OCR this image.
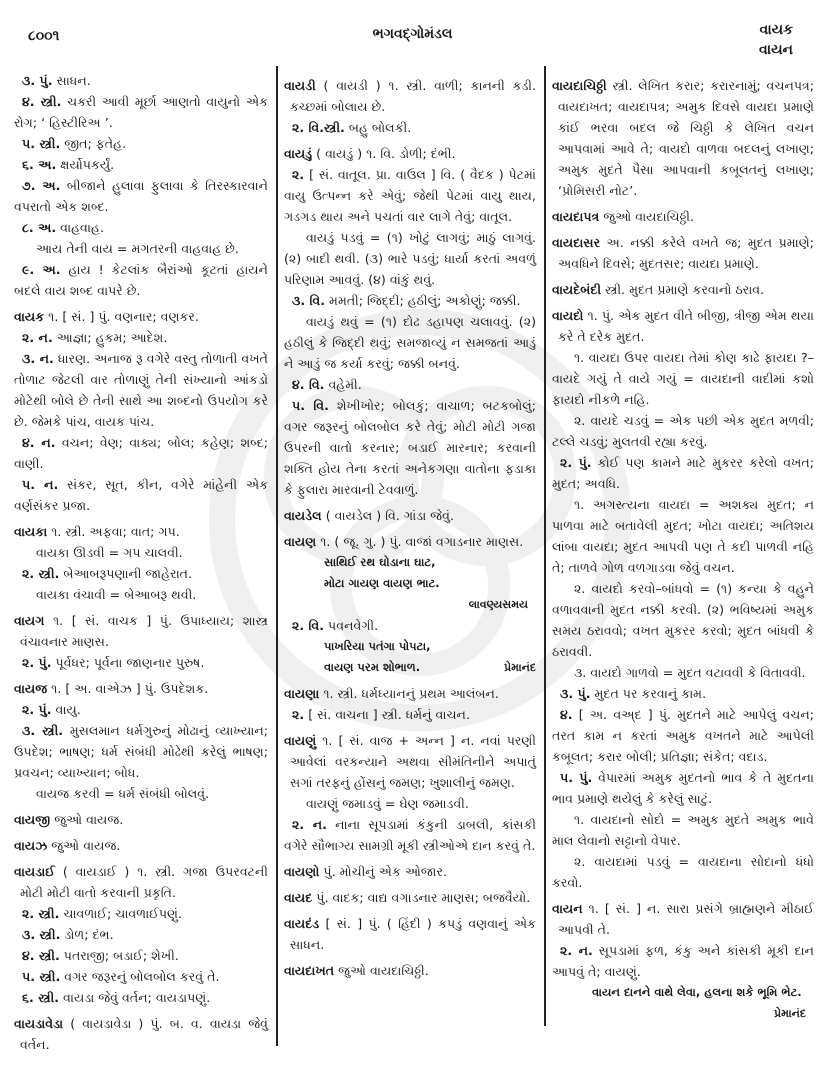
૮૦૦૧	ભગવદ્ગોમંડલ	વાયક
વાયન

૩. પું. સાધન.

૪. સ્ત્રી. ચકરી આવી મૂર્છા આણતો વાયુનો એક રોગ; ‘ હિસ્ટીરિઅ ’.

૫. સ્ત્રી. જીત; ફતેહ.

૬. અ. ક્ષર્યોપકર્યું.

૭. અ. બીજાને હુલાવા ફુલાવા કે તિરસ્કારવાને વપરાતો એક શબ્દ.

૮. અ. વાહવાહ.

આય તેની વાય = મગતરની વાહવાહ છે.

૯. અ. હાય ! કેટલાંક બૈરાંઓ કૂટતાં હાયને બદલે વાય શબ્દ વાપરે છે.

વાયક ૧. [ સં. ] પું. વણનાર; વણકર.

૨. ન. આજ્ઞા; હુકમ; આદેશ.

૩. ન. ધારણ. અનાજ રૂ વગેરે વસ્તુ તોળાતી વખતે તોળાટ જેટલી વાર તોળાણું તેની સંખ્યાનો આંકડો મોટેથી બોલે છે તેની સાથે આ શબ્દનો ઉપયોગ કરે છે. જેમકે પાંચ, વાયક પાંચ.

૪. ન. વચન; વેણ; વાક્ય; બોલ; કહેણ; શબ્દ; વાણી.

૫. ન. સંકર, સૂત, કીન, વગેરે માંહેની એક વર્ણસંકર પ્રજા.

વાયકા ૧. સ્ત્રી. અફવા; વાત; ગપ.

વાયકા ઊડવી = ગપ ચાલવી.

૨. સ્ત્રી. બેઆબરૂપણાની જાહેરાત.

વાયકા વંચાવી = બેઆબરૂ થવી.

વાયગ ૧. [ સં. વાચક ] પું. ઉપાધ્યાય; શાસ્ત્ર વંચાવનાર માણસ.

૨. પું. પૂર્વધર; પૂર્વના જાણનાર પુરુષ.

વાયજ ૧. [ અ. વાએઝ ] પું. ઉપદેશક.

૨. પું. વાયુ.

૩. સ્ત્રી. મુસલમાન ધર્મગુરુનું મોઢાનું વ્યાખ્યાન; ઉપદેશ; ભાષણ; ધર્મ સંબંધી મોઢેથી કરેલું ભાષણ; પ્રવચન; વ્યાખ્યાન; બોધ.

વાયજ કરવી = ધર્મ સંબંધી બોલવું.

વાયજી જુઓ વાયજ.

વાયઝ જુઓ વાયજ.

વાયડાઈ ( વાયડાઈ ) ૧. સ્ત્રી. ગજા ઉપરવટની મોટી મોટી વાતો કરવાની પ્રકૃતિ.

૨. સ્ત્રી. ચાવળાઈ; ચાવળાઈપણું.

૩. સ્ત્રી. ડોળ; દંભ.

૪. સ્ત્રી. પતરાજી; બડાઈ; શેખી.

૫. સ્ત્રી. વગર જરૂરનું બોલબોલ કરવું તે.

૬. સ્ત્રી. વાયડા જેવું વર્તન; વાયડાપણું.

વાયડાવેડા ( વાયડાવેડા ) પું. બ. વ. વાયડા જેવું વર્તન.

વાયડી ( વાયડી ) ૧. સ્ત્રી. વાળી; કાનની કડી. કચ્છમાં બોલાય છે.

૨. વિ.સ્ત્રી. બહુ બોલકી.

વાયડું ( વાયડું ) ૧. વિ. ડોળી; દંભી.

૨. [ સં. વાતૂલ. પ્રા. વાઉલ ] વિ. ( વૈદક ) પેટમાં વાયુ ઉત્પન્ન કરે એવું; જેથી પેટમાં વાયુ થાય, ગડગડ થાય અને પચતાં વાર લાગે તેવું; વાતૂલ.

વાયડું પડવું = (૧) ખોટું લાગવું; માઠું લાગવું. (૨) બાદી થવી. (૩) ભારે પડવું; ધાર્યા કરતાં અવળું પરિણામ આવવું. (૪) વાંકું થવું.

૩. વિ. મમતી; જિદ્દી; હઠીલું; અકોણું; જક્કી.

વાયડું થવું = (૧) દોઢ ડહાપણ ચલાવવું. (૨) હઠીલું કે જિદ્દી થવું; સમજાવ્યું ન સમજતાં આડું ને આડું જ કર્યા કરવું; જક્કી બનવું.

૪. વિ. વહેમી.

૫. વિ. શેખીખોર; બોલકું; વાચાળ; બટકબોલું; વગર જરૂરનું બોલબોલ કરે તેવું; મોટી મોટી ગજા ઉપરની વાતો કરનાર; બડાઈ મારનાર; કરવાની શક્તિ હોય તેના કરતાં અનેકગણા વાતોના ફડાકા કે ફુલારા મારવાની ટેવવાળું.

વાયડેલ ( વાયડેલ ) વિ. ગાંડા જેવું.

વાયણ ૧. ( જૂ. ગુ. ) પું. વાજાં વગાડનાર માણસ.

સાથિઈ રથ ઘોડાના ઘાટ,

મોટા ગાયણ વાયણ ભાટ.

લાવણ્યસમય

૨. વિ. પવનવેગી.

પાખરિયા પતંગા પોપટા,

પ્રેમાનંદ
વાયણ પરમ શોભાળ.

વાયણા ૧. સ્ત્રી. ધર્મધ્યાનનું પ્રથમ આલંબન.

૨. [ સં. વાચના ] સ્ત્રી. ધર્મનું વાચન.

વાયણું ૧. [ સં. વાજ + અન્ન ] ન. નવાં પરણી આવેલાં વરકન્યાને અથવા સીમંતિનીને અપાતું સગાં તરફનું હોંસનું જમણ; ખુશાલીનું જમણ.

વાયણું જમાડવું = ઘેણ જમાડવી.

૨. ન. નાના સૂપડામાં કંકુની ડાબલી, કાંસકી વગેરે સૌભાગ્ય સામગ્રી મૂકી સ્ત્રીઓએ દાન કરવું તે.

વાયણો પું. મોચીનું એક ઓજાર.

વાયદ પું. વાદક; વાદ્ય વગાડનાર માણસ; બજવૈયો.

વાયદંડ [ સં. ] પું. ( હિંદી ) કપડું વણવાનું એક સાધન.

વાયદાખત જુઓ વાયદાચિઠ્ઠી.

વાયદાચિઠ્ઠી સ્ત્રી. લેખિત કરાર; કરારનામું; વચનપત્ર; વાયદાખત; વાયદાપત્ર; અમુક દિવસે વાયદા પ્રમાણે કાંઈ ભરવા બદલ જે ચિઠ્ઠી કે લેખિત વચન આપવામાં આવે તે; વાયદો વાળવા બદલનું લખાણ; અમુક મુદતે પૈસા આપવાની કબૂલતનું લખાણ; ‘પ્રોમિસરી નોટ’.

વાયદાપત્ર જુઓ વાયદાચિઠ્ઠી.

વાયદાસર અ. નક્કી કરેલે વખતે જ; મુદત પ્રમાણે; અવધિને દિવસે; મુદતસર; વાયદા પ્રમાણે.

વાયદેબંદી સ્ત્રી. મુદત પ્રમાણે કરવાનો ઠરાવ.

વાયદો ૧. પું. એક મુદત વીતે બીજી, ત્રીજી એમ થયા કરે તે દરેક મુદત.

૧. વાયદા ઉપર વાયદા તેમાં કોણ કાઢે ફાયદા ?–વાયદે ગયું તે વાયે ગયું = વાયદાની વાદીમાં કશો ફાયદો નીકળે નહિ.

૨. વાયદે ચડવું = એક પછી એક મુદત મળવી; ટલ્લે ચડવું; મુલતવી રહ્યા કરવું.

૨. પું. કોઈ પણ કામને માટે મુકરર કરેલો વખત; મુદત; અવધિ.

૧. અગસ્ત્યના વાયદા = અશક્ય મુદત; ન પાળવા માટે બતાવેલી મુદત; ખોટા વાયદા; અતિશય લાંબા વાયદા; મુદત આપવી પણ તે કદી પાળવી નહિ તે; તાળવે ગોળ વળગાડવા જેવું વચન.

૨. વાયદો કરવો–બાંધવો = (૧) કન્યા કે વહુને વળાવવાની મુદત નક્કી કરવી. (૨) ભવિષ્યમાં અમુક સમય ઠરાવવો; વખત મુકરર કરવો; મુદત બાંધવી કે ઠરાવવી.

૩. વાયદો ગાળવો = મુદત વટાવવી કે વિતાવવી.

૩. પું. મુદત પર કરવાનું કામ.

૪. [ અ. વઅ્દ ] પું. મુદતને માટે આપેલું વચન; તરત કામ ન કરતાં અમુક વખતને માટે આપેલી કબૂલત; કરાર બોલી; પ્રતિજ્ઞા; સંકેત; વદાડ.

૫. પું. વેપારમાં અમુક મુદતનો ભાવ કે તે મુદતના ભાવ પ્રમાણે થયેલું કે કરેલું સાટું.

૧. વાયદાનો સોદો = અમુક મુદતે અમુક ભાવે માલ લેવાનો સટ્ટાનો વેપાર.

૨. વાયદામાં પડવું = વાયદાના સોદાનો ધંધો કરવો.

વાયન ૧. [ સં. ] ન. સારા પ્રસંગે બ્રાહ્મણને મીઠાઈ આપવી તે.

૨. ન. સૂપડામાં ફળ, કંકુ અને કાંસકી મૂકી દાન આપવું તે; વાયણું.

વાયન દાનને વાથે લેવા, હલના શકે ભૂમિ ભેટ.

પ્રેમાનંદ
